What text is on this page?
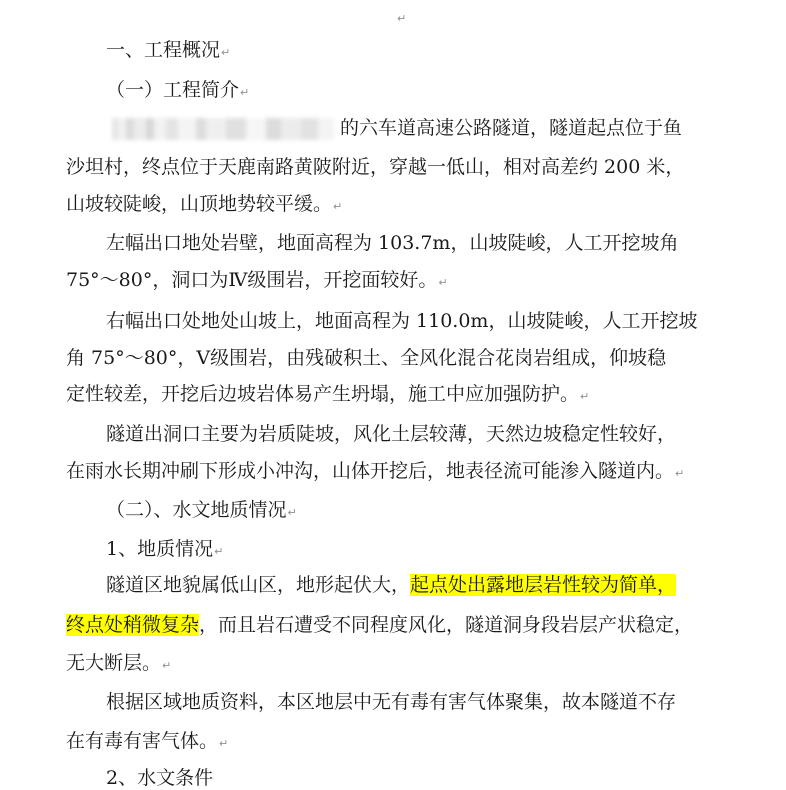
↵
一、工程概况↵
（一）工程简介↵
的六车道高速公路隧道，隧道起点位于鱼
沙坦村，终点位于天鹿南路黄陂附近，穿越一低山，相对高差约 200 米，
山坡较陡峻，山顶地势较平缓。↵
左幅出口地处岩壁，地面高程为 103.7m，山坡陡峻，人工开挖坡角
75°～80°，洞口为Ⅳ级围岩，开挖面较好。↵
右幅出口处地处山坡上，地面高程为 110.0m，山坡陡峻，人工开挖坡
角 75°～80°，Ⅴ级围岩，由残破积土、全风化混合花岗岩组成，仰坡稳
定性较差，开挖后边坡岩体易产生坍塌，施工中应加强防护。↵
隧道出洞口主要为岩质陡坡，风化土层较薄，天然边坡稳定性较好，
在雨水长期冲刷下形成小冲沟，山体开挖后，地表径流可能渗入隧道内。↵
（二）、水文地质情况↵
1、地质情况↵
隧道区地貌属低山区，地形起伏大，起点处出露地层岩性较为简单，
终点处稍微复杂，而且岩石遭受不同程度风化，隧道洞身段岩层产状稳定，
无大断层。↵
根据区域地质资料，本区地层中无有毒有害气体聚集，故本隧道不存
在有毒有害气体。↵
2、水文条件
